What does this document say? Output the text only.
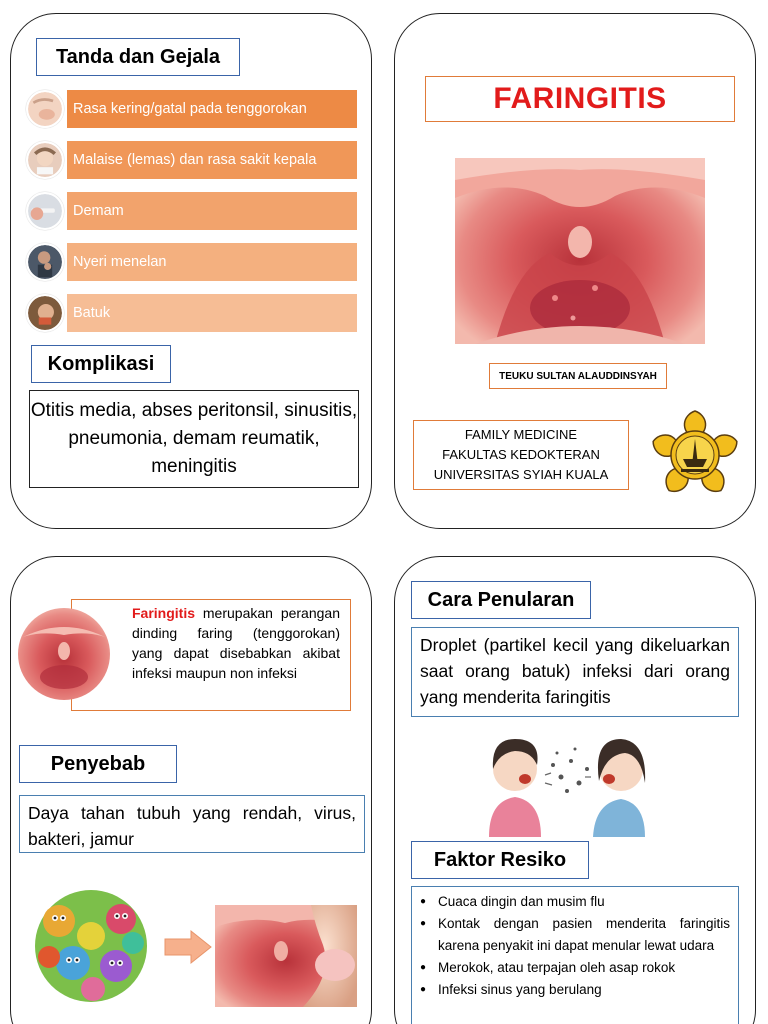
Tanda dan Gejala
Rasa kering/gatal pada tenggorokan
Malaise (lemas) dan rasa sakit kepala
Demam
Nyeri menelan
Batuk
Komplikasi
Otitis media, abses peritonsil, sinusitis, pneumonia, demam reumatik, meningitis
FARINGITIS
TEUKU SULTAN ALAUDDINSYAH
FAMILY MEDICINE
FAKULTAS KEDOKTERAN
UNIVERSITAS SYIAH KUALA
Faringitis merupakan perangan dinding faring (tenggorokan) yang dapat disebabkan akibat infeksi maupun non infeksi
Penyebab
Daya tahan tubuh yang rendah, virus, bakteri, jamur
Cara Penularan
Droplet (partikel kecil yang dikeluarkan saat orang batuk) infeksi dari orang yang menderita faringitis
Faktor Resiko
● Cuaca dingin dan musim flu
● Kontak dengan pasien menderita faringitis karena penyakit ini dapat menular lewat udara
● Merokok, atau terpajan oleh asap rokok
● Infeksi sinus yang berulang
